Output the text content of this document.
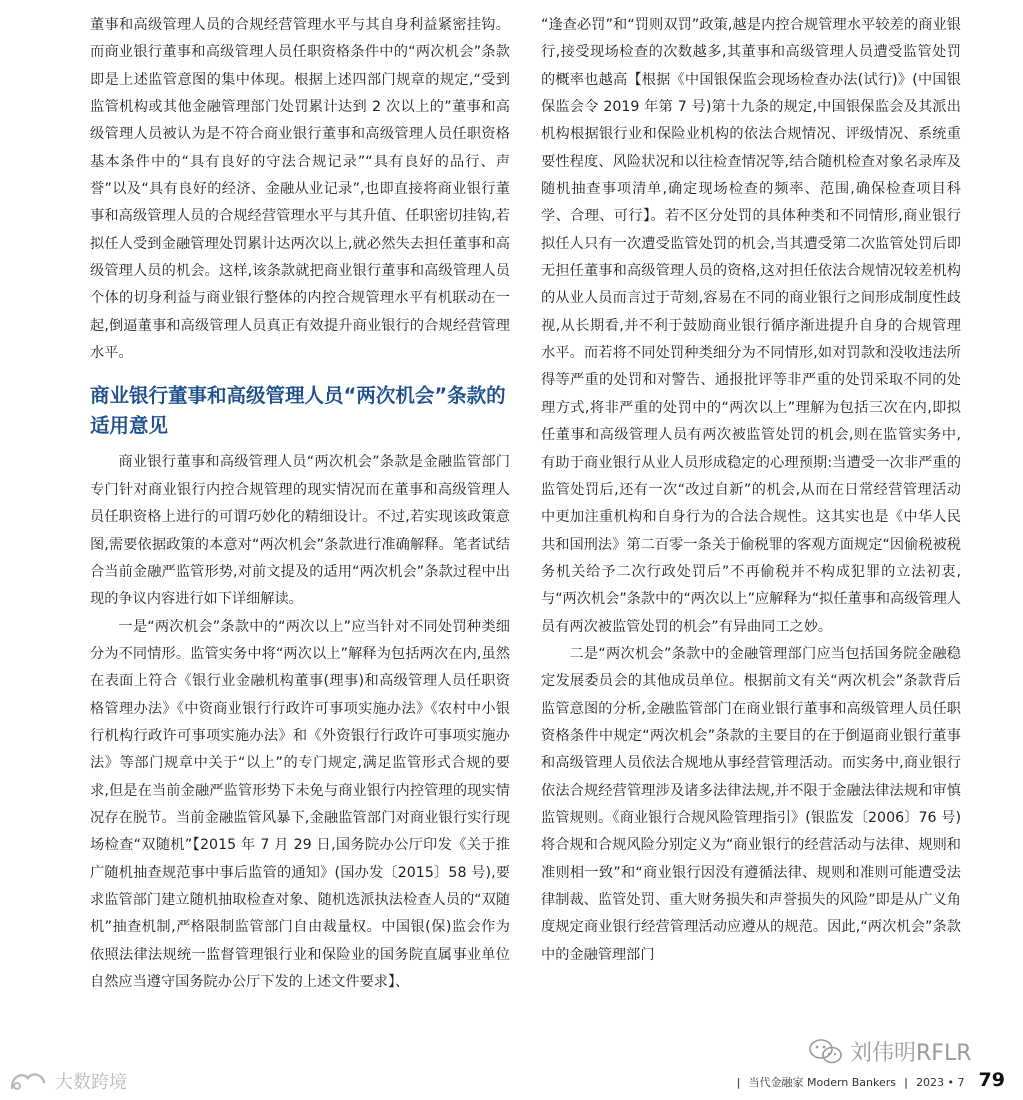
董事和高级管理人员的合规经营管理水平与其自身利益紧密挂钩。而商业银行董事和高级管理人员任职资格条件中的“两次机会”条款即是上述监管意图的集中体现。根据上述四部门规章的规定,“受到监管机构或其他金融管理部门处罚累计达到 2 次以上的”董事和高级管理人员被认为是不符合商业银行董事和高级管理人员任职资格基本条件中的“具有良好的守法合规记录”“具有良好的品行、声誉”以及“具有良好的经济、金融从业记录”,也即直接将商业银行董事和高级管理人员的合规经营管理水平与其升值、任职密切挂钩,若拟任人受到金融管理处罚累计达两次以上,就必然失去担任董事和高级管理人员的机会。这样,该条款就把商业银行董事和高级管理人员个体的切身利益与商业银行整体的内控合规管理水平有机联动在一起,倒逼董事和高级管理人员真正有效提升商业银行的合规经营管理水平。

商业银行董事和高级管理人员“两次机会”条款的适用意见

商业银行董事和高级管理人员“两次机会”条款是金融监管部门专门针对商业银行内控合规管理的现实情况而在董事和高级管理人员任职资格上进行的可谓巧妙化的精细设计。不过,若实现该政策意图,需要依据政策的本意对“两次机会”条款进行准确解释。笔者试结合当前金融严监管形势,对前文提及的适用“两次机会”条款过程中出现的争议内容进行如下详细解读。

一是“两次机会”条款中的“两次以上”应当针对不同处罚种类细分为不同情形。监管实务中将“两次以上”解释为包括两次在内,虽然在表面上符合《银行业金融机构董事(理事)和高级管理人员任职资格管理办法》《中资商业银行行政许可事项实施办法》《农村中小银行机构行政许可事项实施办法》和《外资银行行政许可事项实施办法》等部门规章中关于“以上”的专门规定,满足监管形式合规的要求,但是在当前金融严监管形势下未免与商业银行内控管理的现实情况存在脱节。当前金融监管风暴下,金融监管部门对商业银行实行现场检查“双随机”【2015 年 7 月 29 日,国务院办公厅印发《关于推广随机抽查规范事中事后监管的通知》(国办发〔2015〕58 号),要求监管部门建立随机抽取检查对象、随机选派执法检查人员的“双随机”抽查机制,严格限制监管部门自由裁量权。中国银(保)监会作为依照法律法规统一监督管理银行业和保险业的国务院直属事业单位自然应当遵守国务院办公厅下发的上述文件要求】、

“逢查必罚”和“罚则双罚”政策,越是内控合规管理水平较差的商业银行,接受现场检查的次数越多,其董事和高级管理人员遭受监管处罚的概率也越高【根据《中国银保监会现场检查办法(试行)》(中国银保监会令 2019 年第 7 号)第十九条的规定,中国银保监会及其派出机构根据银行业和保险业机构的依法合规情况、评级情况、系统重要性程度、风险状况和以往检查情况等,结合随机检查对象名录库及随机抽查事项清单,确定现场检查的频率、范围,确保检查项目科学、合理、可行】。若不区分处罚的具体种类和不同情形,商业银行拟任人只有一次遭受监管处罚的机会,当其遭受第二次监管处罚后即无担任董事和高级管理人员的资格,这对担任依法合规情况较差机构的从业人员而言过于苛刻,容易在不同的商业银行之间形成制度性歧视,从长期看,并不利于鼓励商业银行循序渐进提升自身的合规管理水平。而若将不同处罚种类细分为不同情形,如对罚款和没收违法所得等严重的处罚和对警告、通报批评等非严重的处罚采取不同的处理方式,将非严重的处罚中的“两次以上”理解为包括三次在内,即拟任董事和高级管理人员有两次被监管处罚的机会,则在监管实务中,有助于商业银行从业人员形成稳定的心理预期:当遭受一次非严重的监管处罚后,还有一次“改过自新”的机会,从而在日常经营管理活动中更加注重机构和自身行为的合法合规性。这其实也是《中华人民共和国刑法》第二百零一条关于偷税罪的客观方面规定“因偷税被税务机关给予二次行政处罚后”不再偷税并不构成犯罪的立法初衷,与“两次机会”条款中的“两次以上”应解释为“拟任董事和高级管理人员有两次被监管处罚的机会”有异曲同工之妙。

二是“两次机会”条款中的金融管理部门应当包括国务院金融稳定发展委员会的其他成员单位。根据前文有关“两次机会”条款背后监管意图的分析,金融监管部门在商业银行董事和高级管理人员任职资格条件中规定“两次机会”条款的主要目的在于倒逼商业银行董事和高级管理人员依法合规地从事经营管理活动。而实务中,商业银行依法合规经营管理涉及诸多法律法规,并不限于金融法律法规和审慎监管规则。《商业银行合规风险管理指引》(银监发〔2006〕76 号)将合规和合规风险分别定义为“商业银行的经营活动与法律、规则和准则相一致”和“商业银行因没有遵循法律、规则和准则可能遭受法律制裁、监管处罚、重大财务损失和声誉损失的风险”即是从广义角度规定商业银行经营管理活动应遵从的规范。因此,“两次机会”条款中的金融管理部门

刘伟明RFLR
大数跨境	| 当代金融家 Modern Bankers | 2023 • 7 79
